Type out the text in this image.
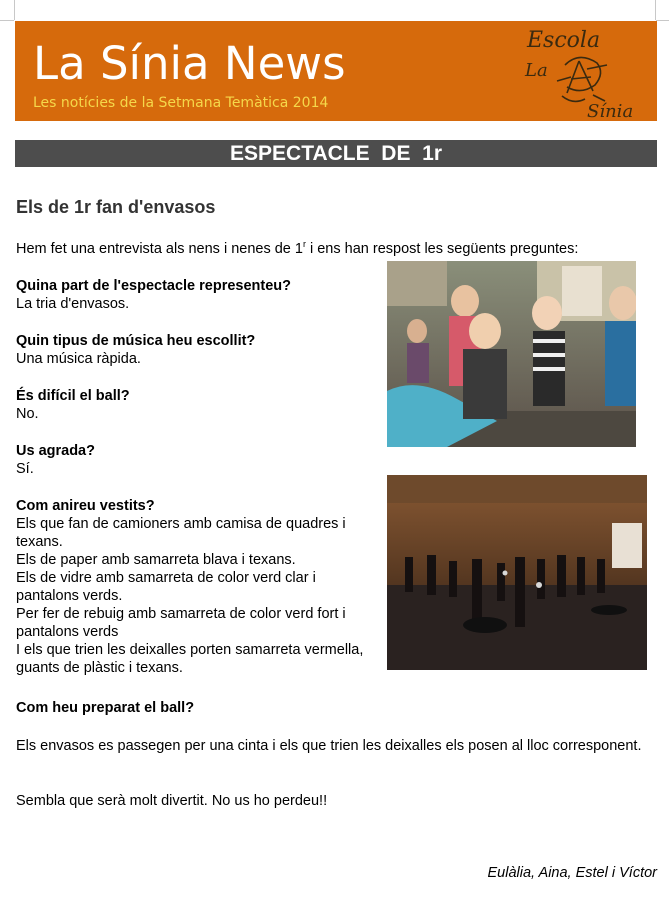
La Sínia News
Les notícies de la Setmana Temàtica 2014
Escola
La
Sínia
ESPECTACLE  DE  1r
Els de 1r fan d'envasos
Hem fet una entrevista als nens i nenes de 1$^r$ i ens han respost les següents preguntes:
Quina part de l'espectacle representeu?
La tria d'envasos.
Quin tipus de música heu escollit?
Una música ràpida.
És difícil el ball?
No.
Us agrada?
Sí.
Com anireu vestits?
Els que fan de camioners amb camisa de quadres i texans.
Els de paper amb samarreta blava i texans.
Els de vidre amb samarreta de color verd clar i pantalons verds.
Per fer de rebuig amb samarreta de color verd fort i pantalons verds
I els que trien les deixalles porten samarreta vermella, guants de plàstic i texans.
Com heu preparat el ball?
Els envasos es passegen per una cinta i els que trien les deixalles els posen al lloc corresponent.
Sembla que serà molt divertit. No us ho perdeu!!
Eulàlia, Aina, Estel i Víctor
